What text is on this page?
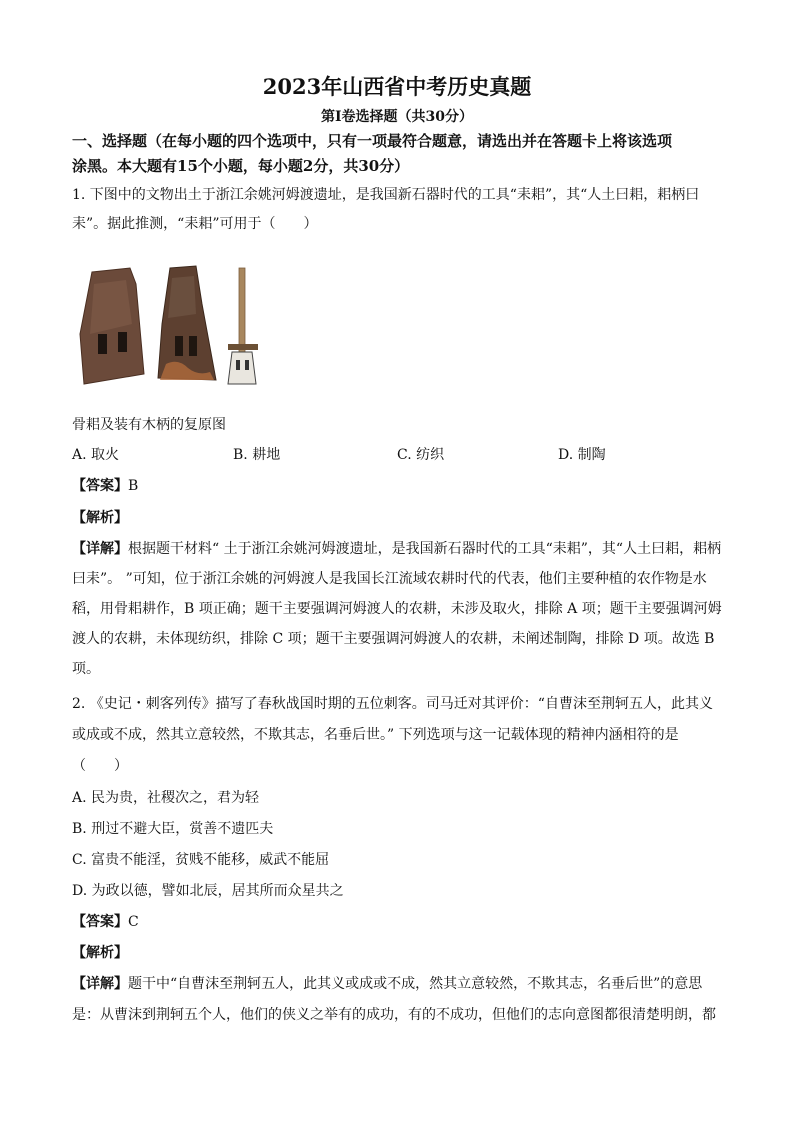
2023年山西省中考历史真题
第Ⅰ卷选择题（共30分）
一、选择题（在每小题的四个选项中，只有一项最符合题意，请选出并在答题卡上将该选项
涂黑。本大题有15个小题，每小题2分，共30分）
1. 下图中的文物出土于浙江余姚河姆渡遗址，是我国新石器时代的工具“耒耜”，其“人土曰耜，耜柄曰
耒”。据此推测，“耒耜”可用于（　　）
骨耜及装有木柄的复原图
A. 取火	B. 耕地	C. 纺织	D. 制陶
【答案】B
【解析】
【详解】根据题干材料“ 土于浙江余姚河姆渡遗址，是我国新石器时代的工具“耒耜”，其“人土曰耜，耜柄
曰耒”。 ”可知，位于浙江余姚的河姆渡人是我国长江流域农耕时代的代表，他们主要种植的农作物是水
稻，用骨耜耕作，B 项正确；题干主要强调河姆渡人的农耕，未涉及取火，排除 A 项；题干主要强调河姆
渡人的农耕，未体现纺织，排除 C 项；题干主要强调河姆渡人的农耕，未阐述制陶，排除 D 项。故选 B
项。
2. 《史记・刺客列传》描写了春秋战国时期的五位刺客。司马迁对其评价：“自曹沫至荆轲五人，此其义
或成或不成，然其立意较然，不欺其志，名垂后世。” 下列选项与这一记载体现的精神内涵相符的是
（　　）
A. 民为贵，社稷次之，君为轻
B. 刑过不避大臣，赏善不遗匹夫
C. 富贵不能淫，贫贱不能移，威武不能屈
D. 为政以德，譬如北辰，居其所而众星共之
【答案】C
【解析】
【详解】题干中“自曹沫至荆轲五人，此其义或成或不成，然其立意较然，不欺其志，名垂后世”的意思
是：从曹沫到荆轲五个人，他们的侠义之举有的成功，有的不成功，但他们的志向意图都很清楚明朗，都
